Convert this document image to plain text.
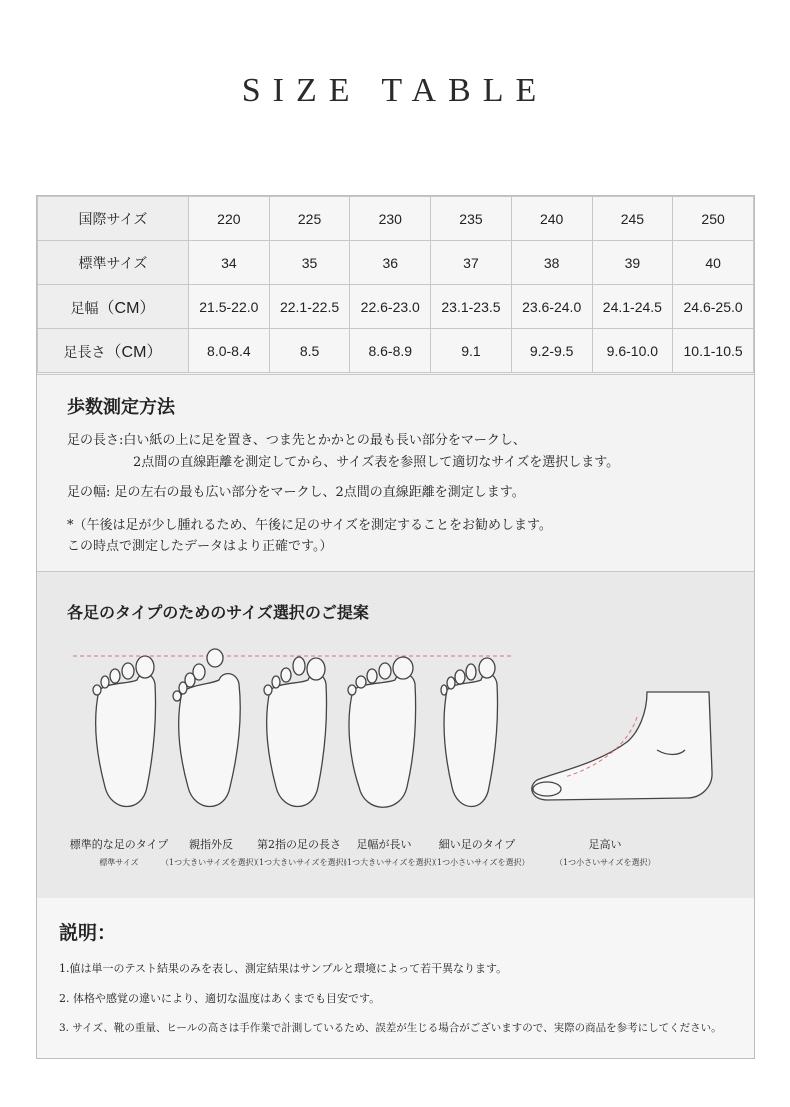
SIZE TABLE
国際サイズ	220	225	230	235	240	245	250
標準サイズ	34	35	36	37	38	39	40
足幅（CM）	21.5-22.0	22.1-22.5	22.6-23.0	23.1-23.5	23.6-24.0	24.1-24.5	24.6-25.0
足長さ（CM）	8.0-8.4	8.5	8.6-8.9	9.1	9.2-9.5	9.6-10.0	10.1-10.5
歩数測定方法
足の長さ:白い紙の上に足を置き、つま先とかかとの最も長い部分をマークし、
2点間の直線距離を測定してから、サイズ表を参照して適切なサイズを選択します。
足の幅: 足の左右の最も広い部分をマークし、2点間の直線距離を測定します。
*（午後は足が少し腫れるため、午後に足のサイズを測定することをお勧めします。
この時点で測定したデータはより正確です。）
各足のタイプのためのサイズ選択のご提案
標準的な足のタイプ
標準サイズ
親指外反
（1つ大きいサイズを選択）
第2指の足の長さ
（1つ大きいサイズを選択）
足幅が長い
（1つ大きいサイズを選択）
細い足のタイプ
（1つ小さいサイズを選択）
足高い
（1つ小さいサイズを選択）
説明：
1.値は単一のテスト結果のみを表し、測定結果はサンプルと環境によって若干異なります。
2. 体格や感覚の違いにより、適切な温度はあくまでも目安です。
3. サイズ、靴の重量、ヒールの高さは手作業で計測しているため、誤差が生じる場合がございますので、実際の商品を参考にしてください。
